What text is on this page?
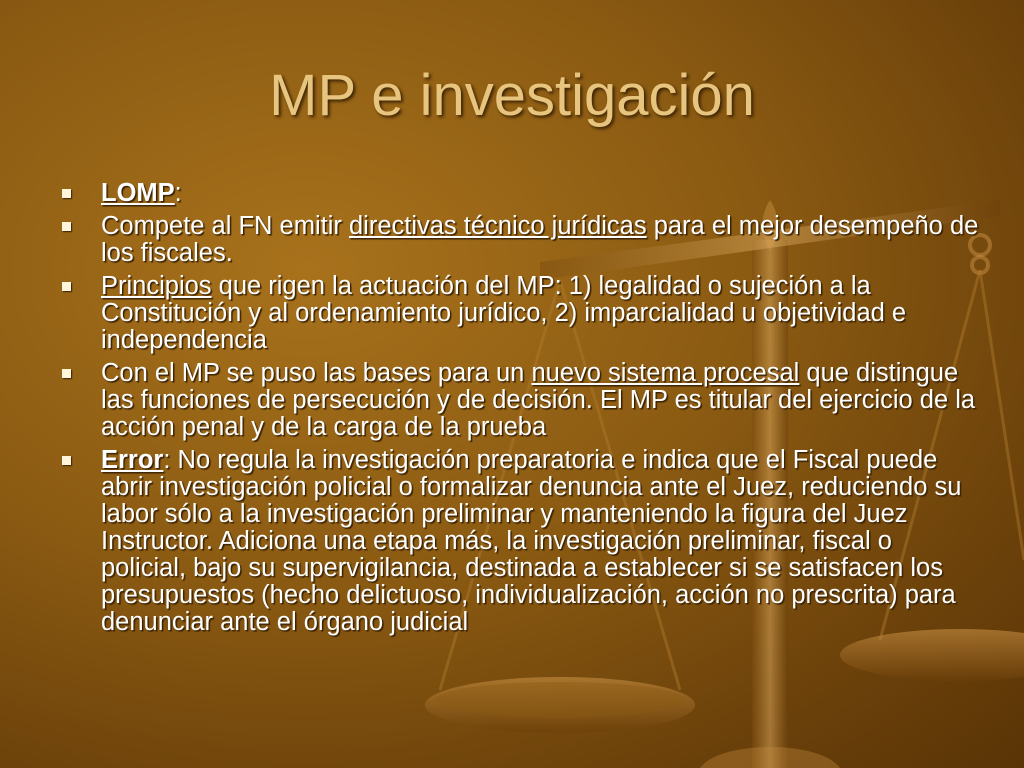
MP e investigación
LOMP:
Compete al FN emitir directivas técnico jurídicas para el mejor desempeño de los fiscales.
Principios que rigen la actuación del MP: 1) legalidad o sujeción a la Constitución y al ordenamiento jurídico, 2) imparcialidad u objetividad e independencia
Con el MP se puso las bases para un nuevo sistema procesal que distingue las funciones de persecución y de decisión. El MP es titular del ejercicio de la acción penal y de la carga de la prueba
Error: No regula la investigación preparatoria e indica que el Fiscal puede abrir investigación policial o formalizar denuncia ante el Juez, reduciendo su labor sólo a la investigación preliminar y manteniendo la figura del Juez Instructor. Adiciona una etapa más, la investigación preliminar, fiscal o policial, bajo su supervigilancia, destinada a establecer si se satisfacen los presupuestos (hecho delictuoso, individualización, acción no prescrita) para denunciar ante el órgano judicial
